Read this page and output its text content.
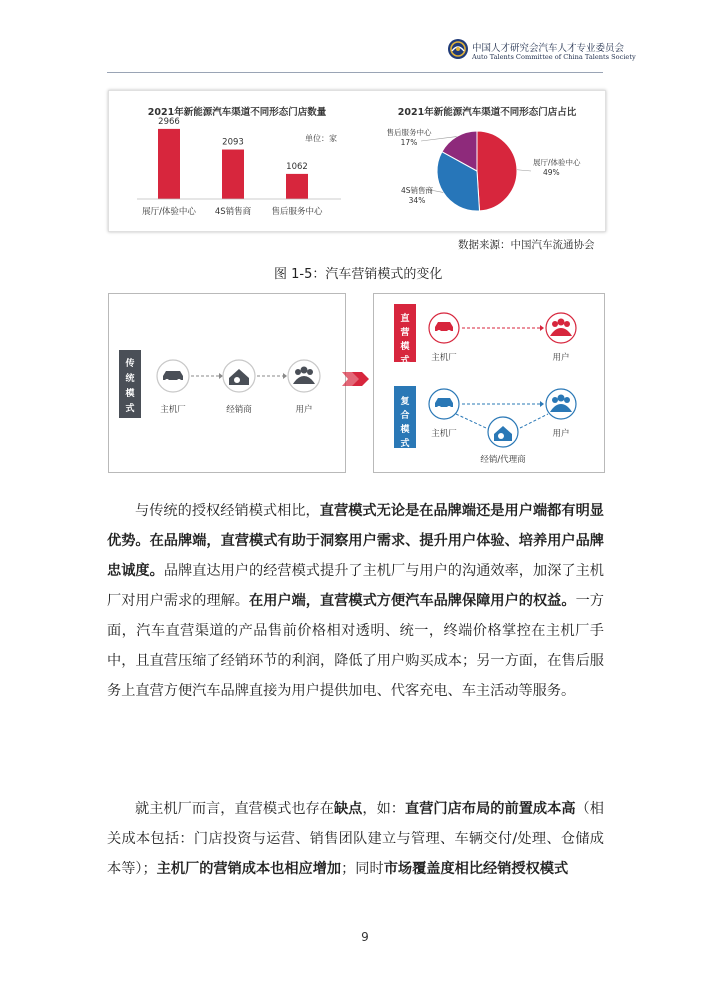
中国人才研究会汽车人才专业委员会
Auto Talents Committee of China Talents Society
2021年新能源汽车渠道不同形态门店数量
单位：家
2966
展厅/体验中心
2093
4S销售商
1062
售后服务中心
2021年新能源汽车渠道不同形态门店占比
展厅/体验中心
49%
4S销售商
34%
售后服务中心
17%
数据来源：中国汽车流通协会
图 1-5：汽车营销模式的变化
传统模式	主机厂	经销商	用户
直营模式	主机厂	用户
复合模式
主机厂
经销/代理商
用户
与传统的授权经销模式相比，直营模式无论是在品牌端还是用户端都有明显优势。在品牌端，直营模式有助于洞察用户需求、提升用户体验、培养用户品牌忠诚度。品牌直达用户的经营模式提升了主机厂与用户的沟通效率，加深了主机厂对用户需求的理解。在用户端，直营模式方便汽车品牌保障用户的权益。一方面，汽车直营渠道的产品售前价格相对透明、统一，终端价格掌控在主机厂手中，且直营压缩了经销环节的利润，降低了用户购买成本；另一方面，在售后服务上直营方便汽车品牌直接为用户提供加电、代客充电、车主活动等服务。
就主机厂而言，直营模式也存在缺点，如：直营门店布局的前置成本高（相关成本包括：门店投资与运营、销售团队建立与管理、车辆交付/处理、仓储成本等）；主机厂的营销成本也相应增加；同时市场覆盖度相比经销授权模式
9
